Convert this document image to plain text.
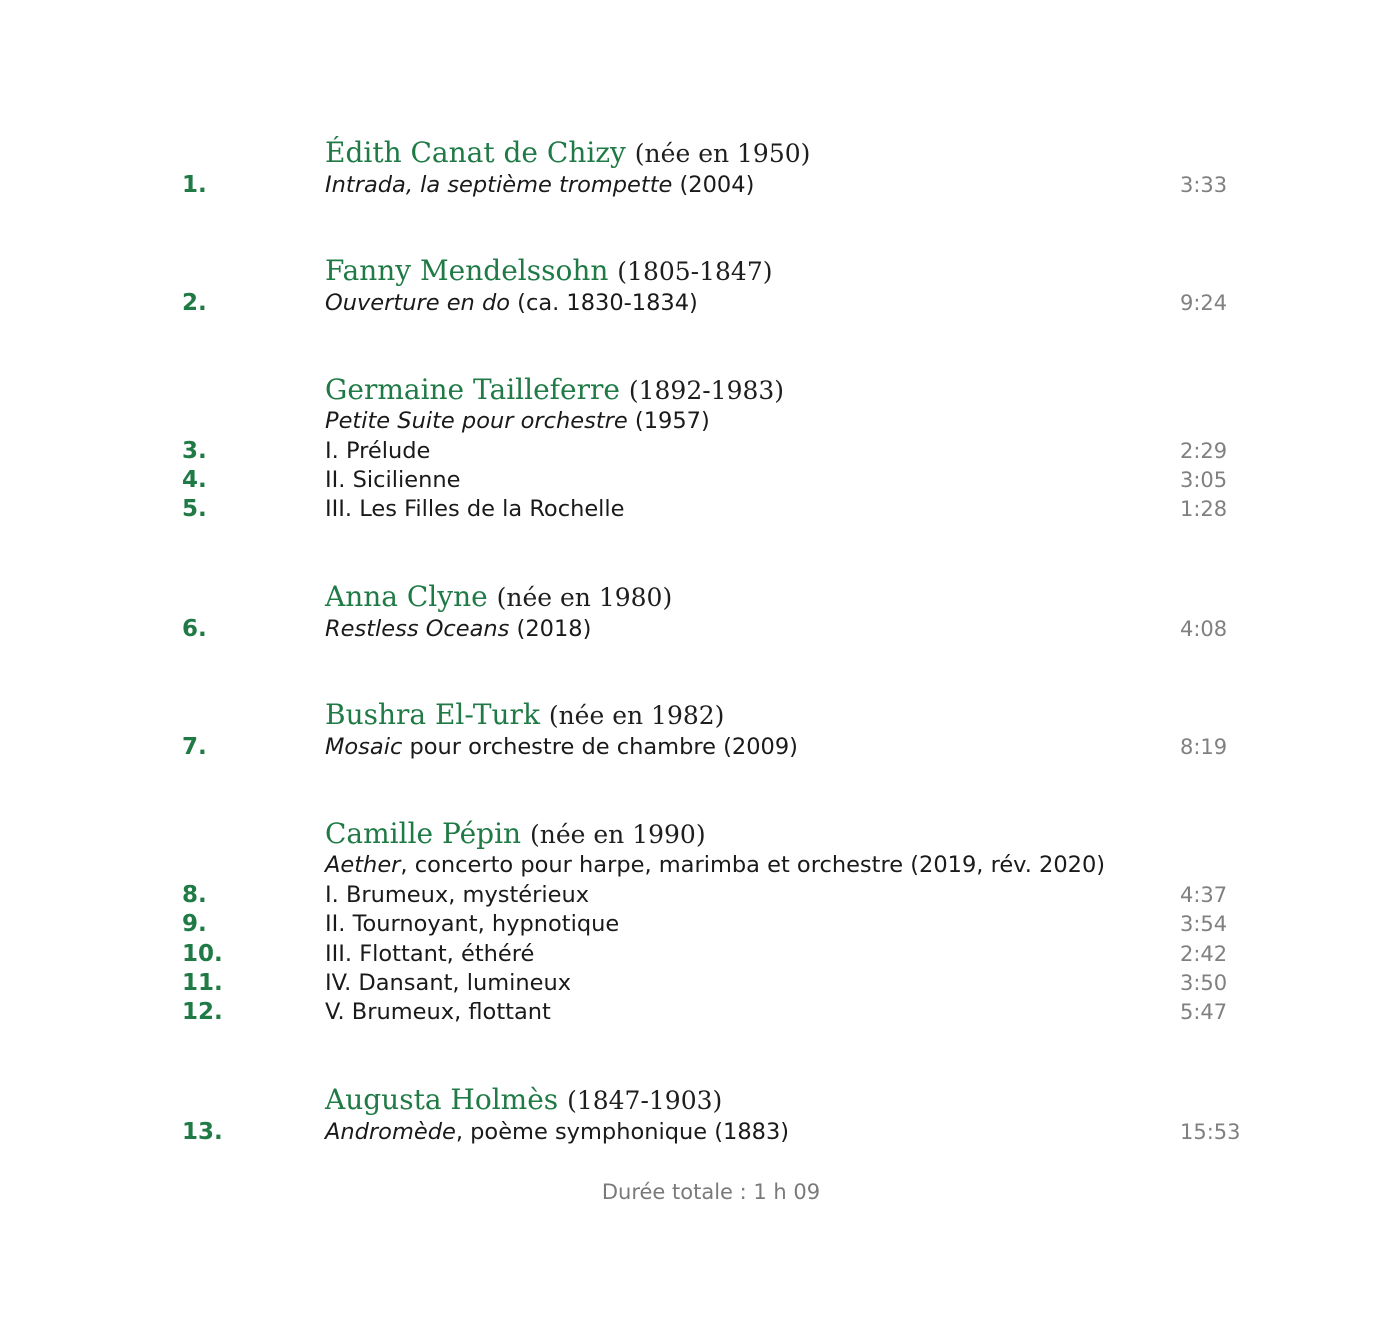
Édith Canat de Chizy (née en 1950)
1.	Intrada, la septième trompette (2004)	3:33
Fanny Mendelssohn (1805-1847)
2.	Ouverture en do (ca. 1830-1834)	9:24
Germaine Tailleferre (1892-1983)
Petite Suite pour orchestre (1957)
3.	I. Prélude	2:29
4.	II. Sicilienne	3:05
5.	III. Les Filles de la Rochelle	1:28
Anna Clyne (née en 1980)
6.	Restless Oceans (2018)	4:08
Bushra El-Turk (née en 1982)
7.	Mosaic pour orchestre de chambre (2009)	8:19
Camille Pépin (née en 1990)
Aether, concerto pour harpe, marimba et orchestre (2019, rév. 2020)
8.	I. Brumeux, mystérieux	4:37
9.	II. Tournoyant, hypnotique	3:54
10.	III. Flottant, éthéré	2:42
11.	IV. Dansant, lumineux	3:50
12.	V. Brumeux, flottant	5:47
Augusta Holmès (1847-1903)
13.	Andromède, poème symphonique (1883)	15:53
Durée totale : 1 h 09
